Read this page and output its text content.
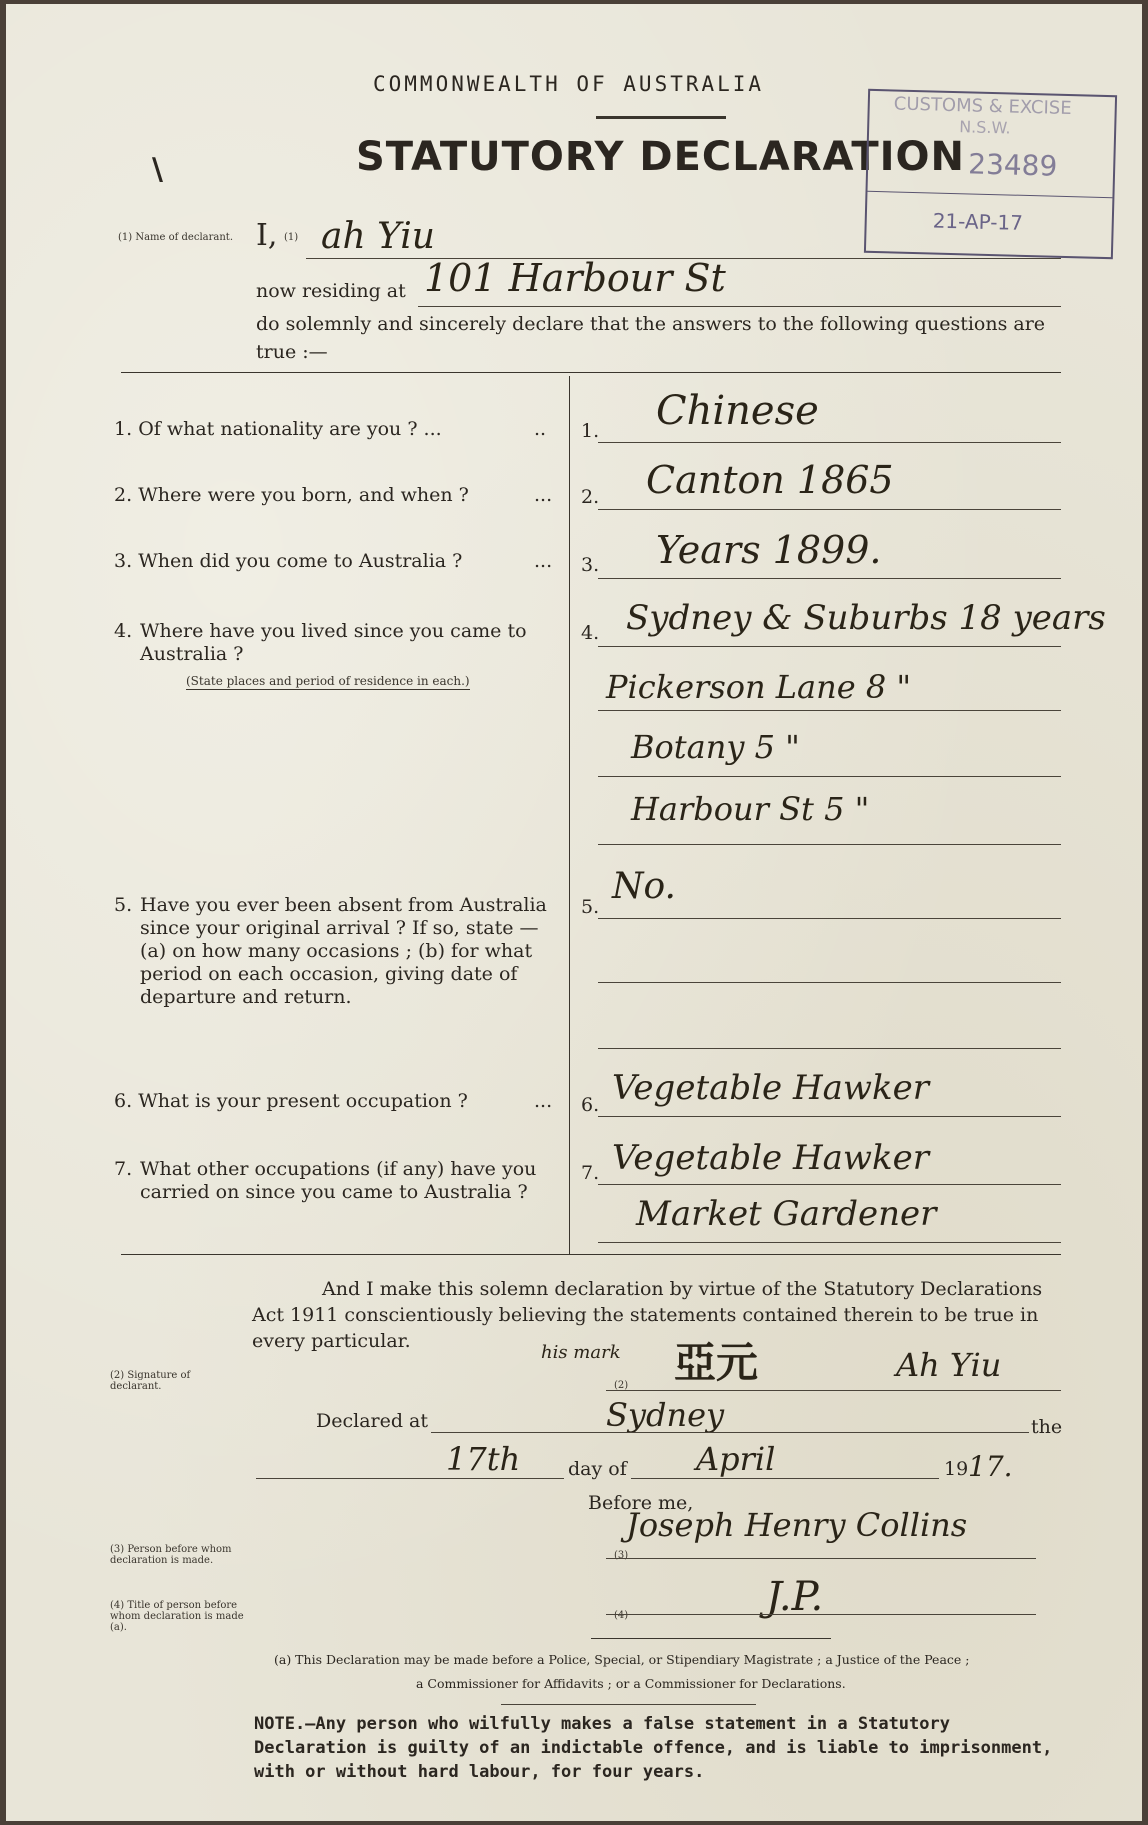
COMMONWEALTH OF AUSTRALIA
STATUTORY DECLARATION
\
CUSTOMS & EXCISE
N.S.W.
23489
21-AP-17
(1) Name of declarant. I, (1) ah Yiu
now residing at 101 Harbour St
do solemnly and sincerely declare that the answers to the following questions are true :—
1. Of what nationality are you ? ...	.. 1. Chinese
2. Where were you born, and when ?	... 2. Canton 1865
3. When did you come to Australia ?	... 3. Years 1899.
4. Where have you lived since you came to Australia ?
(State places and period of residence in each.)
4. Sydney & Suburbs 18 years
Pickerson Lane 8 "
Botany 5 "
Harbour St 5 "
5. Have you ever been absent from Australia since your original arrival ? If so, state —(a) on how many occasions ; (b) for what period on each occasion, giving date of departure and return.
5. No.
6. What is your present occupation ?	... 6. Vegetable Hawker
7. What other occupations (if any) have you carried on since you came to Australia ?
7. Vegetable Hawker
Market Gardener
And I make this solemn declaration by virtue of the Statutory Declarations Act 1911 conscientiously believing the statements contained therein to be true in every particular.
(2) Signature of declarant.
his mark 亞元	Ah Yiu
(2)
Declared at	Sydney	the
17th	day of April	19 17.
Before me,
(3) Person before whom declaration is made.	(3)
Joseph Henry Collins
(4) Title of person before whom declaration is made (a).
(4)	J.P.
(a) This Declaration may be made before a Police, Special, or Stipendiary Magistrate ; a Justice of the Peace ;
a Commissioner for Affidavits ; or a Commissioner for Declarations.
NOTE.—Any person who wilfully makes a false statement in a Statutory Declaration is guilty of an indictable offence, and is liable to imprisonment, with or without hard labour, for four years.
